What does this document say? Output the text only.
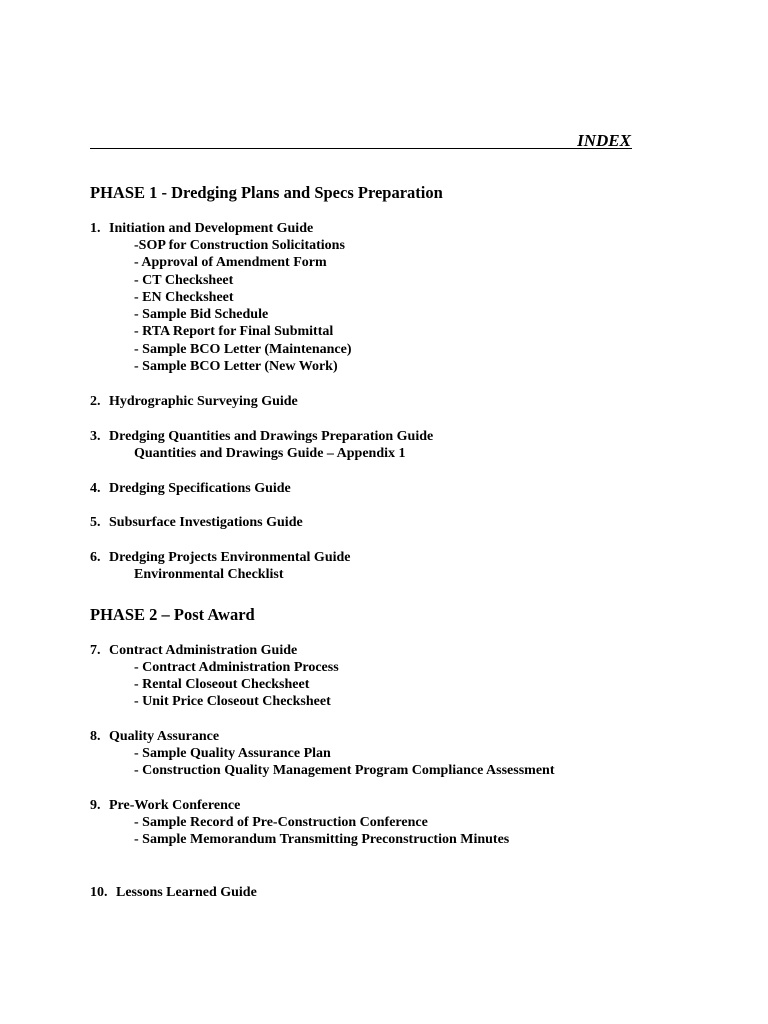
INDEX
PHASE 1 - Dredging Plans and Specs Preparation
1. Initiation and Development Guide
-SOP for Construction Solicitations
- Approval of Amendment Form
- CT Checksheet
- EN Checksheet
- Sample Bid Schedule
- RTA Report for Final Submittal
- Sample BCO Letter (Maintenance)
- Sample BCO Letter (New Work)
2. Hydrographic Surveying Guide
3. Dredging Quantities and Drawings Preparation Guide
Quantities and Drawings Guide – Appendix 1
4. Dredging Specifications Guide
5. Subsurface Investigations Guide
6. Dredging Projects Environmental Guide
Environmental Checklist
PHASE 2 – Post Award
7. Contract Administration Guide
- Contract Administration Process
- Rental Closeout Checksheet
- Unit Price Closeout Checksheet
8. Quality Assurance
- Sample Quality Assurance Plan
- Construction Quality Management Program Compliance Assessment
9. Pre-Work Conference
- Sample Record of Pre-Construction Conference
- Sample Memorandum Transmitting Preconstruction Minutes
10. Lessons Learned Guide
